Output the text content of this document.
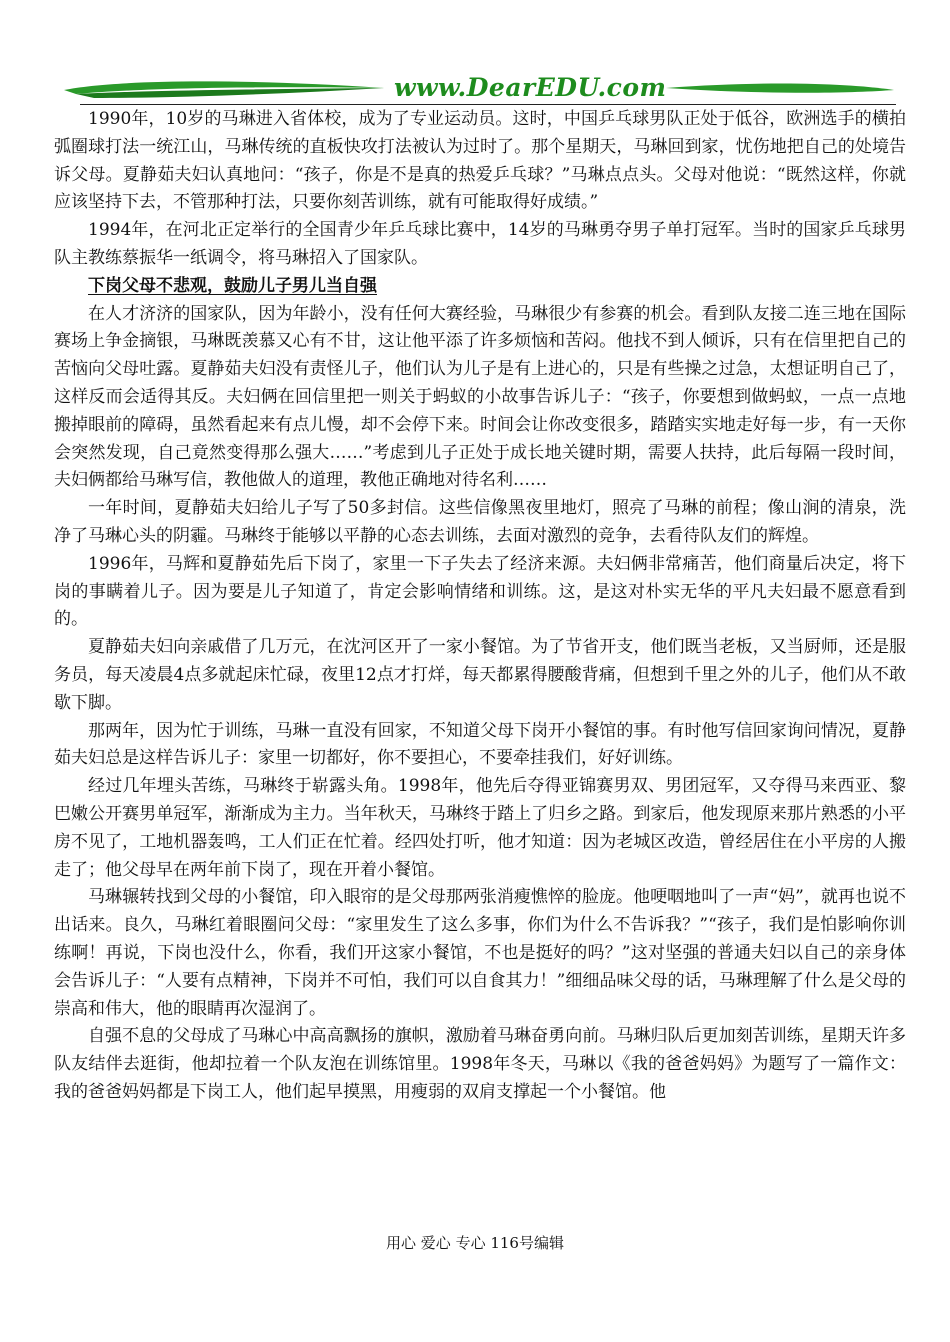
www.DearEDU.com

1990年，10岁的马琳进入省体校，成为了专业运动员。这时，中国乒乓球男队正处于低谷，欧洲选手的横拍弧圈球打法一统江山，马琳传统的直板快攻打法被认为过时了。那个星期天，马琳回到家，忧伤地把自己的处境告诉父母。夏静茹夫妇认真地问：“孩子，你是不是真的热爱乒乓球？”马琳点点头。父母对他说：“既然这样，你就应该坚持下去，不管那种打法，只要你刻苦训练，就有可能取得好成绩。”

1994年，在河北正定举行的全国青少年乒乓球比赛中，14岁的马琳勇夺男子单打冠军。当时的国家乒乓球男队主教练蔡振华一纸调令，将马琳招入了国家队。

下岗父母不悲观，鼓励儿子男儿当自强

在人才济济的国家队，因为年龄小，没有任何大赛经验，马琳很少有参赛的机会。看到队友接二连三地在国际赛场上争金摘银，马琳既羡慕又心有不甘，这让他平添了许多烦恼和苦闷。他找不到人倾诉，只有在信里把自己的苦恼向父母吐露。夏静茹夫妇没有责怪儿子，他们认为儿子是有上进心的，只是有些操之过急，太想证明自己了，这样反而会适得其反。夫妇俩在回信里把一则关于蚂蚁的小故事告诉儿子：“孩子，你要想到做蚂蚁，一点一点地搬掉眼前的障碍，虽然看起来有点儿慢，却不会停下来。时间会让你改变很多，踏踏实实地走好每一步，有一天你会突然发现，自己竟然变得那么强大……”考虑到儿子正处于成长地关键时期，需要人扶持，此后每隔一段时间，夫妇俩都给马琳写信，教他做人的道理，教他正确地对待名利……

一年时间，夏静茹夫妇给儿子写了50多封信。这些信像黑夜里地灯，照亮了马琳的前程；像山涧的清泉，洗净了马琳心头的阴霾。马琳终于能够以平静的心态去训练，去面对激烈的竞争，去看待队友们的辉煌。

1996年，马辉和夏静茹先后下岗了，家里一下子失去了经济来源。夫妇俩非常痛苦，他们商量后决定，将下岗的事瞒着儿子。因为要是儿子知道了，肯定会影响情绪和训练。这，是这对朴实无华的平凡夫妇最不愿意看到的。

夏静茹夫妇向亲戚借了几万元，在沈河区开了一家小餐馆。为了节省开支，他们既当老板，又当厨师，还是服务员，每天凌晨4点多就起床忙碌，夜里12点才打烊，每天都累得腰酸背痛，但想到千里之外的儿子，他们从不敢歇下脚。

那两年，因为忙于训练，马琳一直没有回家，不知道父母下岗开小餐馆的事。有时他写信回家询问情况，夏静茹夫妇总是这样告诉儿子：家里一切都好，你不要担心，不要牵挂我们，好好训练。

经过几年埋头苦练，马琳终于崭露头角。1998年，他先后夺得亚锦赛男双、男团冠军，又夺得马来西亚、黎巴嫩公开赛男单冠军，渐渐成为主力。当年秋天，马琳终于踏上了归乡之路。到家后，他发现原来那片熟悉的小平房不见了，工地机器轰鸣，工人们正在忙着。经四处打听，他才知道：因为老城区改造，曾经居住在小平房的人搬走了；他父母早在两年前下岗了，现在开着小餐馆。

马琳辗转找到父母的小餐馆，印入眼帘的是父母那两张消瘦憔悴的脸庞。他哽咽地叫了一声“妈”，就再也说不出话来。良久，马琳红着眼圈问父母：“家里发生了这么多事，你们为什么不告诉我？”“孩子，我们是怕影响你训练啊！再说，下岗也没什么，你看，我们开这家小餐馆，不也是挺好的吗？”这对坚强的普通夫妇以自己的亲身体会告诉儿子：“人要有点精神，下岗并不可怕，我们可以自食其力！”细细品味父母的话，马琳理解了什么是父母的崇高和伟大，他的眼睛再次湿润了。

自强不息的父母成了马琳心中高高飘扬的旗帜，激励着马琳奋勇向前。马琳归队后更加刻苦训练，星期天许多队友结伴去逛街，他却拉着一个队友泡在训练馆里。1998年冬天，马琳以《我的爸爸妈妈》为题写了一篇作文：我的爸爸妈妈都是下岗工人，他们起早摸黑，用瘦弱的双肩支撑起一个小餐馆。他

用心 爱心 专心 116号编辑
